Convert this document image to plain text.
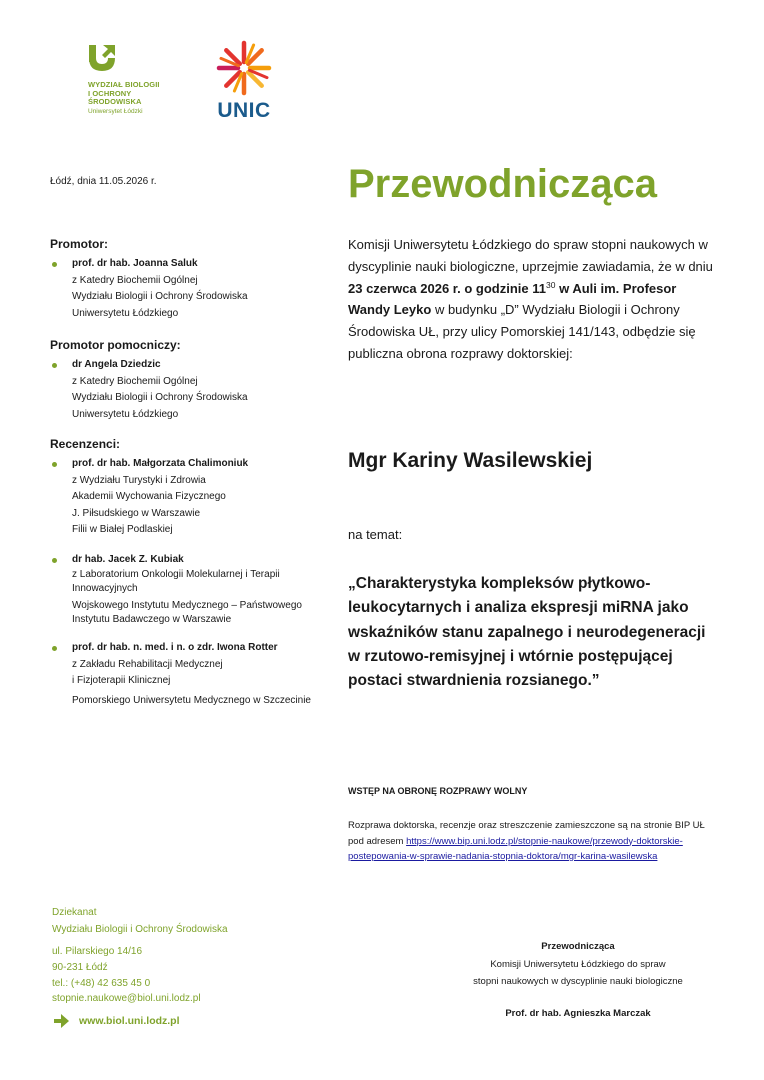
WYDZIAŁ BIOLOGII
I OCHRONY
ŚRODOWISKA
Uniwersytet Łódzki	UNIC
Łódź, dnia 11.05.2026 r.	Przewodnicząca
Promotor:
prof. dr hab. Joanna Saluk
z Katedry Biochemii Ogólnej
Wydziału Biologii i Ochrony Środowiska
Uniwersytetu Łódzkiego
Promotor pomocniczy:
dr Angela Dziedzic
z Katedry Biochemii Ogólnej
Wydziału Biologii i Ochrony Środowiska
Uniwersytetu Łódzkiego
Recenzenci:
prof. dr hab. Małgorzata Chalimoniuk
z Wydziału Turystyki i Zdrowia
Akademii Wychowania Fizycznego
J. Piłsudskiego w Warszawie
Filii w Białej Podlaskiej
dr hab. Jacek Z. Kubiak
z Laboratorium Onkologii Molekularnej i Terapii Innowacyjnych
Wojskowego Instytutu Medycznego – Państwowego Instytutu Badawczego w Warszawie
prof. dr hab. n. med. i n. o zdr. Iwona Rotter
z Zakładu Rehabilitacji Medycznej
i Fizjoterapii Klinicznej
Pomorskiego Uniwersytetu Medycznego w Szczecinie
Komisji Uniwersytetu Łódzkiego do spraw stopni naukowych w dyscyplinie nauki biologiczne, uprzejmie zawiadamia, że w dniu 23 czerwca 2026 r. o godzinie $11^{30}$ w Auli im. Profesor Wandy Leyko w budynku „D” Wydziału Biologii i Ochrony Środowiska UŁ, przy ulicy Pomorskiej 141/143, odbędzie się publiczna obrona rozprawy doktorskiej:
Mgr Kariny Wasilewskiej
na temat:
„Charakterystyka kompleksów płytkowo-leukocytarnych i analiza ekspresji miRNA jako wskaźników stanu zapalnego i neurodegeneracji w rzutowo-remisyjnej i wtórnie postępującej postaci stwardnienia rozsianego.”
WSTĘP NA OBRONĘ ROZPRAWY WOLNY
Rozprawa doktorska, recenzje oraz streszczenie zamieszczone są na stronie BIP UŁ pod adresem https://www.bip.uni.lodz.pl/stopnie-naukowe/przewody-doktorskie-postepowania-w-sprawie-nadania-stopnia-doktora/mgr-karina-wasilewska
Dziekanat
Wydziału Biologii i Ochrony Środowiska
ul. Pilarskiego 14/16
90-231 Łódź
tel.: (+48) 42 635 45 0
stopnie.naukowe@biol.uni.lodz.pl
www.biol.uni.lodz.pl
Przewodnicząca
Komisji Uniwersytetu Łódzkiego do spraw
stopni naukowych w dyscyplinie nauki biologiczne
Prof. dr hab. Agnieszka Marczak
